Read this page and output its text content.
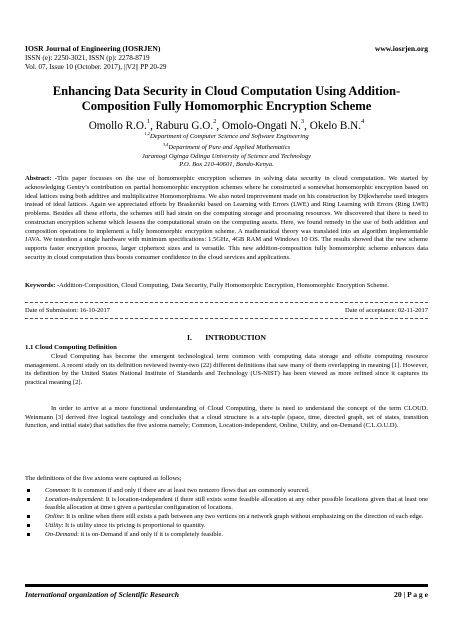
IOSR Journal of Engineering (IOSRJEN)	www.iosrjen.org
ISSN (e): 2250-3021, ISSN (p): 2278-8719
Vol. 07, Issue 10 (October. 2017), ||V2|| PP 20-29
Enhancing Data Security in Cloud Computation Using Addition-
Composition Fully Homomorphic Encryption Scheme
Omollo R.O.$^1$, Raburu G.O.$^2$, Omolo-Ongati N.$^3$, Okelo B.N.$^4$
$^{1,2}$Department of Computer Science and Software Engineering
$^{3,4}$Department of Pure and Applied Mathematics
Jaramogi Oginga Odinga University of Science and Technology
P.O. Box 210-40601, Bondo-Kenya.

Abstract: -This paper focusses on the use of homomorphic encryption schemes in solving data security in cloud computation. We started by acknowledging Gentry’s contribution on partial homomorphic encryption schemes where he constructed a somewhat homomorphic encryption based on ideal lattices using both additive and multiplicative Homomorphisms. We also noted improvement made on his construction by Dijkwherehe used integers instead of ideal lattices. Again we appreciated efforts by Braskerski based on Learning with Errors (LWE) and Ring Learning with Errors (Ring LWE) problems. Besides all these efforts, the schemes still had strain on the computing storage and processing resources. We discovered that there is need to constructan encryption scheme which lessens the computational strain on the computing assets. Here, we found remedy in the use of both addition and composition operations to implement a fully homomorphic encryption scheme. A mathematical theory was translated into an algorithm implementable JAVA. We testedion a single hardware with minimum specifications: 1.5GHz, 4GB RAM and Windows 10 OS. The results showed that the new scheme supports faster encryption process, larger ciphertext sizes and is versatile. This new addition-composition fully homomorphic scheme enhances data security in cloud computation thus boosts consumer confidence in the cloud services and applications.

Keywords: -Addition-Composition, Cloud Computing, Data Security, Fully Homomorphic Encryption, Homomorphic Encryption Scheme.

Date of Submission: 16-10-2017	Date of acceptance: 02-11-2017
I. INTRODUCTION
1.1 Cloud Computing Definition

Cloud Computing has become the emergent technological term common with computing data storage and offsite computing resource management. A recent study on its definition reviewed twenty-two (22) different definitions that saw many of them overlapping in meaning [1]. However, its definition by the United States National Institute of Standards and Technology (US-NIST) has been viewed as more refined since it captures its practical meaning [2].

In order to arrive at a more functional understanding of Cloud Computing, there is need to understand the concept of the term CLOUD. Weinmann [3] derived five logical tautology and concludes that a cloud structure is a six-tuple (space, time, directed graph, set of states, transition function, and initial state) that satisfies the five axioms namely; Common, Location-independent, Online, Utility, and on-Demand (C.L.O.U.D).

The definitions of the five axioms were captured as follows;

Common: It is common if and only if there are at least two nonzero flows that are commonly sourced.
Location-independent: It is location-independent if there still exists some feasible allocation at any other possible locations given that at least one feasible allocation at time t given a particular configuration of locations.
Online: It is online when there still exists a path between any two vertices on a network graph without emphasizing on the direction of each edge.
Utility: It is utility since its pricing is proportional to quantity.
On-Demand: it is on-Demand if and only if it is completely feasible.
International organization of Scientific Research	20 | P a g e
